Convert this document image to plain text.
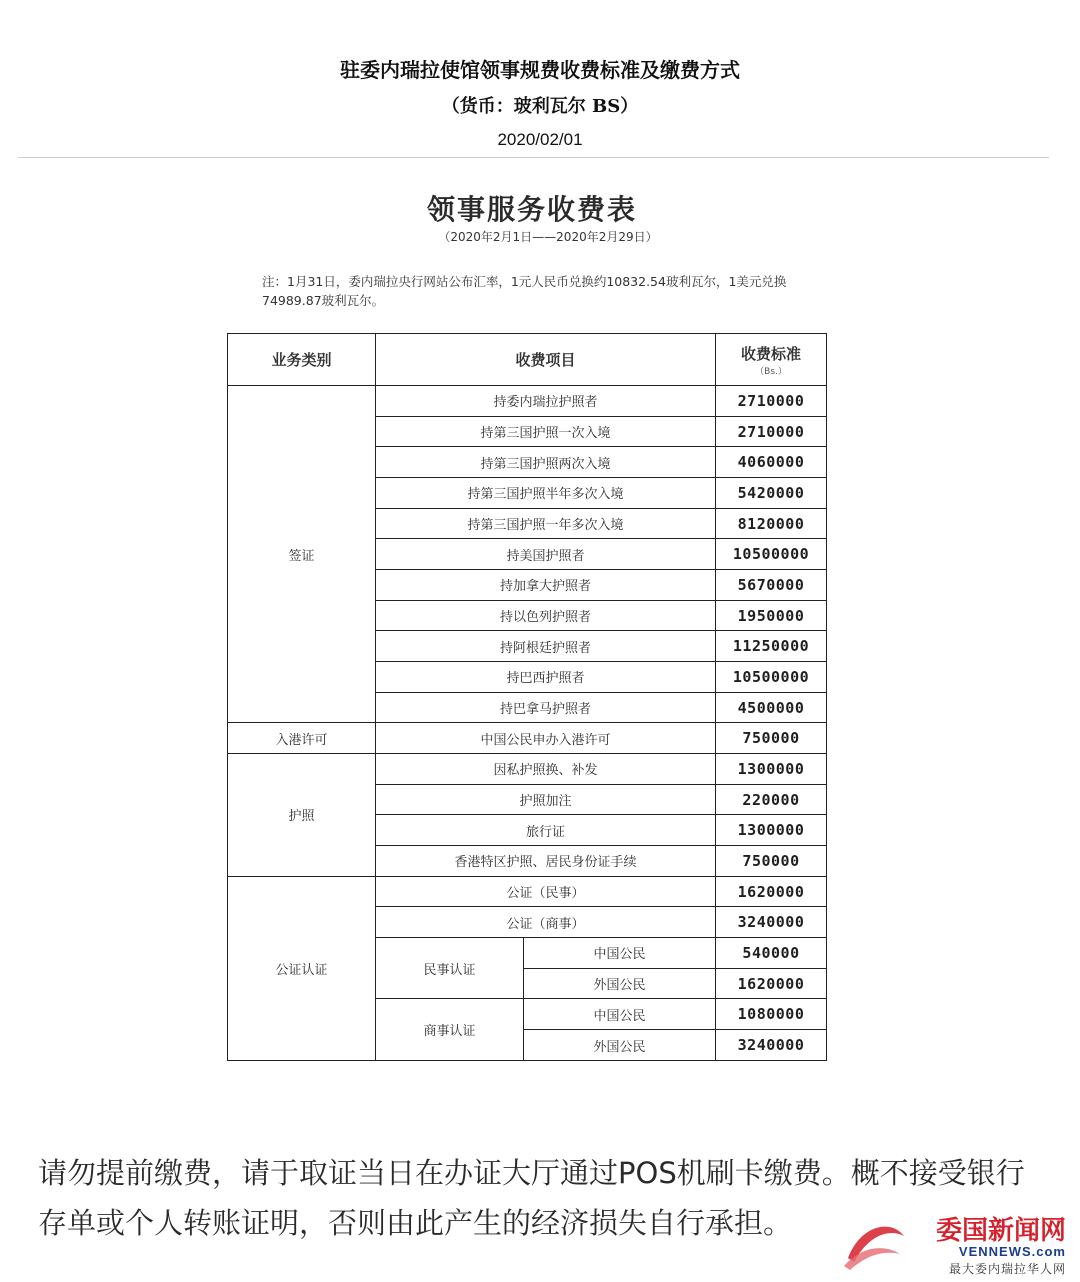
驻委内瑞拉使馆领事规费收费标准及缴费方式
（货币：玻利瓦尔 BS）
2020/02/01
领事服务收费表
（2020年2月1日——2020年2月29日）
注：1月31日，委内瑞拉央行网站公布汇率，1元人民币兑换约10832.54玻利瓦尔，1美元兑换74989.87玻利瓦尔。
业务类别	收费项目		收费标准
（Bs.）

签证	持委内瑞拉护照者		2710000
	持第三国护照一次入境		2710000
	持第三国护照两次入境		4060000
	持第三国护照半年多次入境		5420000
	持第三国护照一年多次入境		8120000
	持美国护照者		10500000
	持加拿大护照者		5670000
	持以色列护照者		1950000
	持阿根廷护照者		11250000
	持巴西护照者		10500000
	持巴拿马护照者		4500000
入港许可	中国公民申办入港许可		750000
护照	因私护照换、补发		1300000
	护照加注		220000
	旅行证		1300000
	香港特区护照、居民身份证手续		750000
公证认证	公证（民事）		1620000
	公证（商事）		3240000
	民事认证	中国公民	540000
		外国公民	1620000
	商事认证	中国公民	1080000
		外国公民	3240000
请勿提前缴费，请于取证当日在办证大厅通过POS机刷卡缴费。概不接受银行存单或个人转账证明，否则由此产生的经济损失自行承担。	委国新闻网
VENNEWS.com
最大委内瑞拉华人网
